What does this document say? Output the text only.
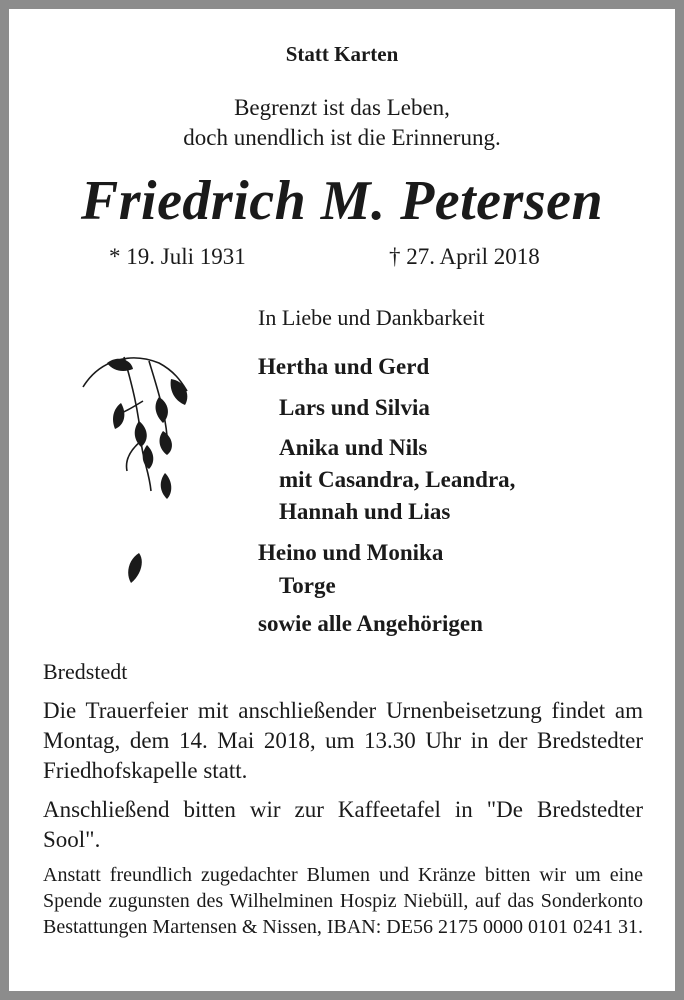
Statt Karten

Begrenzt ist das Leben,
doch unendlich ist die Erinnerung.

Friedrich M. Petersen

* 19. Juli 1931	† 27. April 2018

In Liebe und Dankbarkeit

Hertha und Gerd

Lars und Silvia

Anika und Nils

mit Casandra, Leandra,

Hannah und Lias

Heino und Monika

Torge

sowie alle Angehörigen

Bredstedt

Die Trauerfeier mit anschließender Urnenbeisetzung findet am Montag, dem 14. Mai 2018, um 13.30 Uhr in der Bredstedter Friedhofskapelle statt.

Anschließend bitten wir zur Kaffeetafel in "De Bredstedter Sool".

Anstatt freundlich zugedachter Blumen und Kränze bitten wir um eine Spende zugunsten des Wilhelminen Hospiz Niebüll, auf das Sonderkonto Bestattungen Martensen & Nissen, IBAN: DE56 2175 0000 0101 0241 31.
